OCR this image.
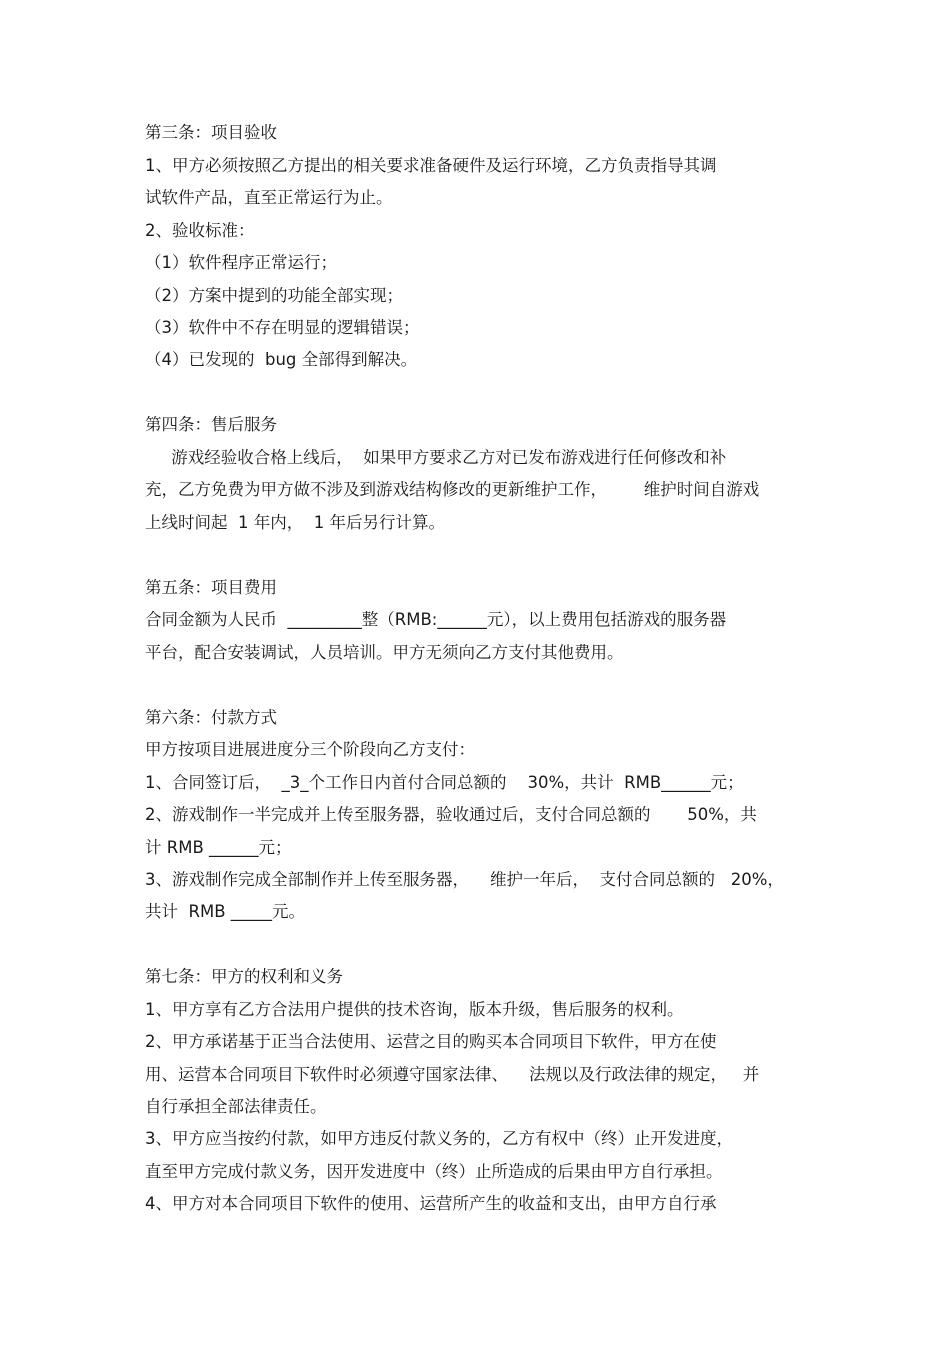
第三条：项目验收

1、甲方必须按照乙方提出的相关要求准备硬件及运行环境，乙方负责指导其调

试软件产品，直至正常运行为止。

2、验收标准：

（1）软件程序正常运行；

（2）方案中提到的功能全部实现；

（3）软件中不存在明显的逻辑错误；

（4）已发现的  bug 全部得到解决。

第四条：售后服务

游戏经验收合格上线后，  如果甲方要求乙方对已发布游戏进行任何修改和补

充，乙方免费为甲方做不涉及到游戏结构修改的更新维护工作，       维护时间自游戏

上线时间起  1 年内，  1 年后另行计算。

第五条：项目费用

合同金额为人民币  _________整（RMB:______元），以上费用包括游戏的服务器

平台，配合安装调试，人员培训。甲方无须向乙方支付其他费用。

第六条：付款方式

甲方按项目进展进度分三个阶段向乙方支付：

1、合同签订后，  _3_个工作日内首付合同总额的    30%，共计  RMB______元；

2、游戏制作一半完成并上传至服务器，验收通过后，支付合同总额的       50%，共

计 RMB ______元；

3、游戏制作完成全部制作并上传至服务器，    维护一年后，  支付合同总额的   20%，

共计  RMB _____元。

第七条：甲方的权利和义务

1、甲方享有乙方合法用户提供的技术咨询，版本升级，售后服务的权利。

2、甲方承诺基于正当合法使用、运营之目的购买本合同项目下软件，甲方在使

用、运营本合同项目下软件时必须遵守国家法律、    法规以及行政法律的规定，   并

自行承担全部法律责任。

3、甲方应当按约付款，如甲方违反付款义务的，乙方有权中（终）止开发进度，

直至甲方完成付款义务，因开发进度中（终）止所造成的后果由甲方自行承担。

4、甲方对本合同项目下软件的使用、运营所产生的收益和支出，由甲方自行承
